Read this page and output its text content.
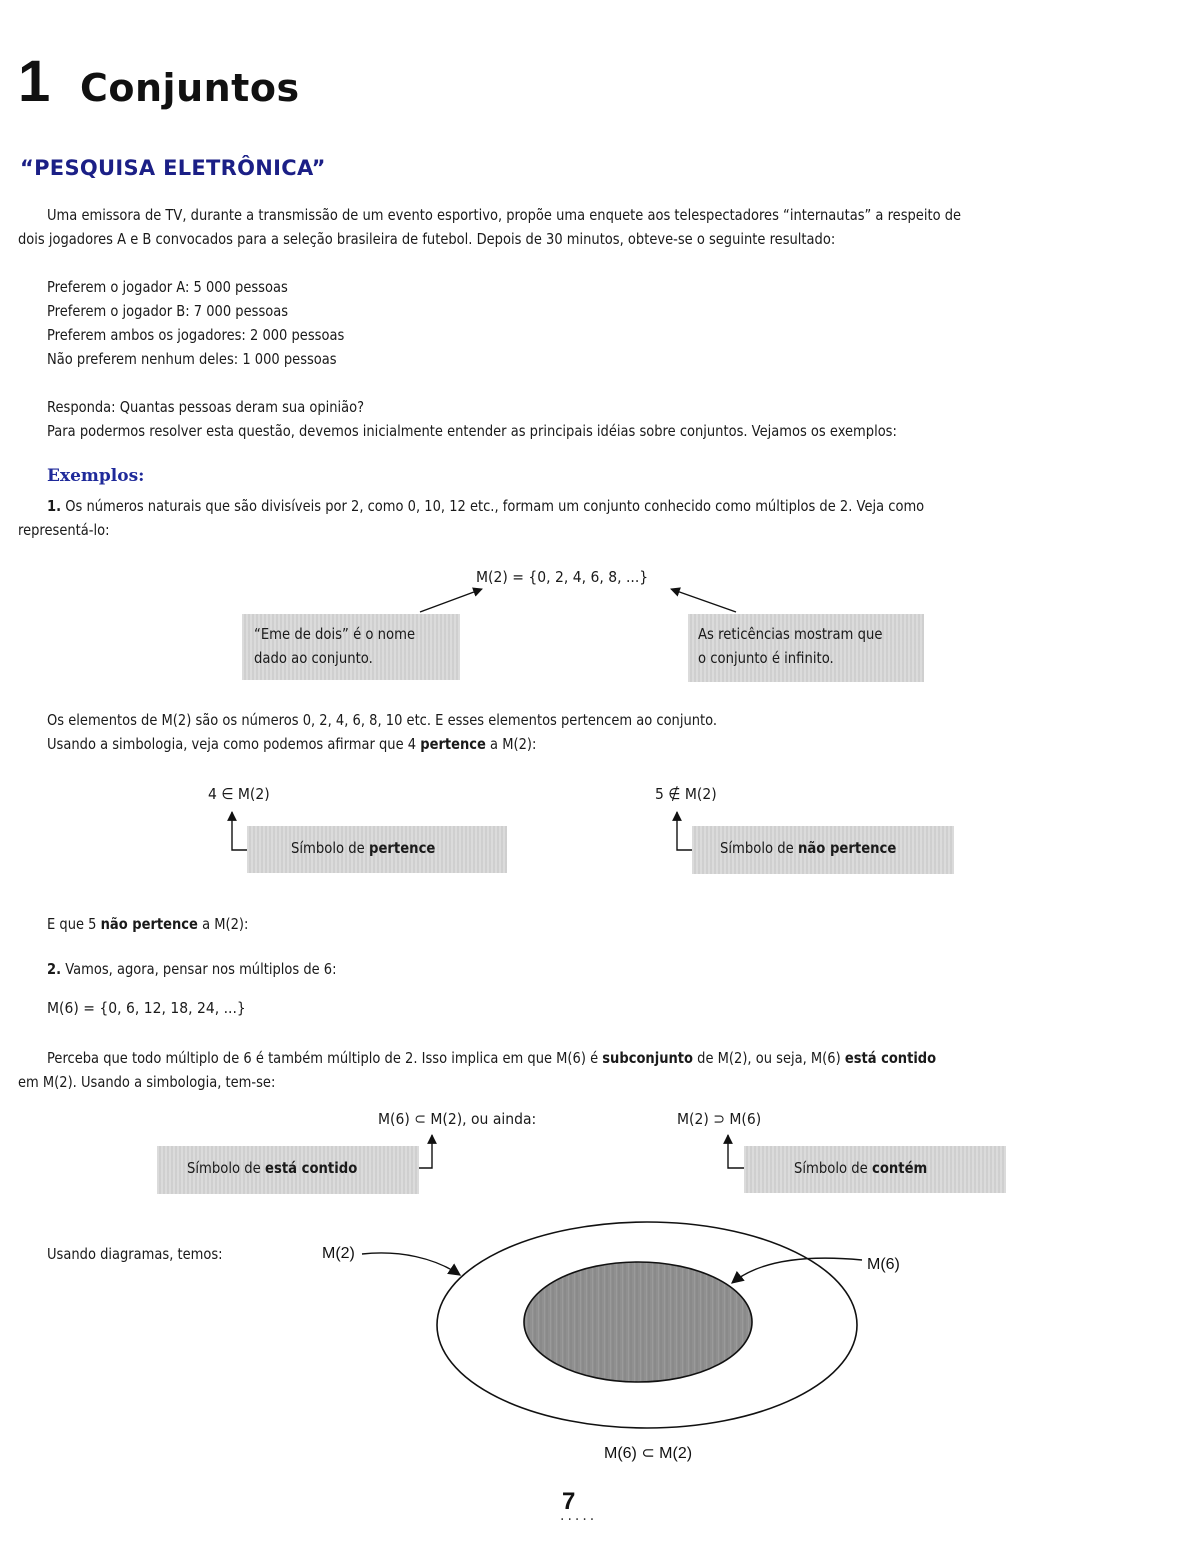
1 Conjuntos
“PESQUISA ELETRÔNICA”
Uma emissora de TV, durante a transmissão de um evento esportivo, propõe uma enquete aos telespectadores “internautas” a respeito de
dois jogadores A e B convocados para a seleção brasileira de futebol. Depois de 30 minutos, obteve-se o seguinte resultado:
Preferem o jogador A: 5 000 pessoas
Preferem o jogador B: 7 000 pessoas
Preferem ambos os jogadores: 2 000 pessoas
Não preferem nenhum deles: 1 000 pessoas
Responda: Quantas pessoas deram sua opinião?
Para podermos resolver esta questão, devemos inicialmente entender as principais idéias sobre conjuntos. Vejamos os exemplos:
Exemplos:
1. Os números naturais que são divisíveis por 2, como 0, 10, 12 etc., formam um conjunto conhecido como múltiplos de 2. Veja como
representá-lo:
M(2) = {0, 2, 4, 6, 8, ...}
“Eme de dois” é o nome
dado ao conjunto.
As reticências mostram que
o conjunto é infinito.
Os elementos de M(2) são os números 0, 2, 4, 6, 8, 10 etc. E esses elementos pertencem ao conjunto.
Usando a simbologia, veja como podemos afirmar que 4 pertence a M(2):
4 ∈ M(2)
Símbolo de pertence
5 ∉ M(2)
Símbolo de não pertence
E que 5 não pertence a M(2):
2. Vamos, agora, pensar nos múltiplos de 6:
M(6) = {0, 6, 12, 18, 24, ...}
Perceba que todo múltiplo de 6 é também múltiplo de 2. Isso implica em que M(6) é subconjunto de M(2), ou seja, M(6) está contido
em M(2). Usando a simbologia, tem-se:
M(6) ⊂ M(2), ou ainda:
Símbolo de está contido
M(2) ⊃ M(6)
Símbolo de contém
Usando diagramas, temos:	M(2)
M(6)
M(6) ⊂ M(2)
7
.....
